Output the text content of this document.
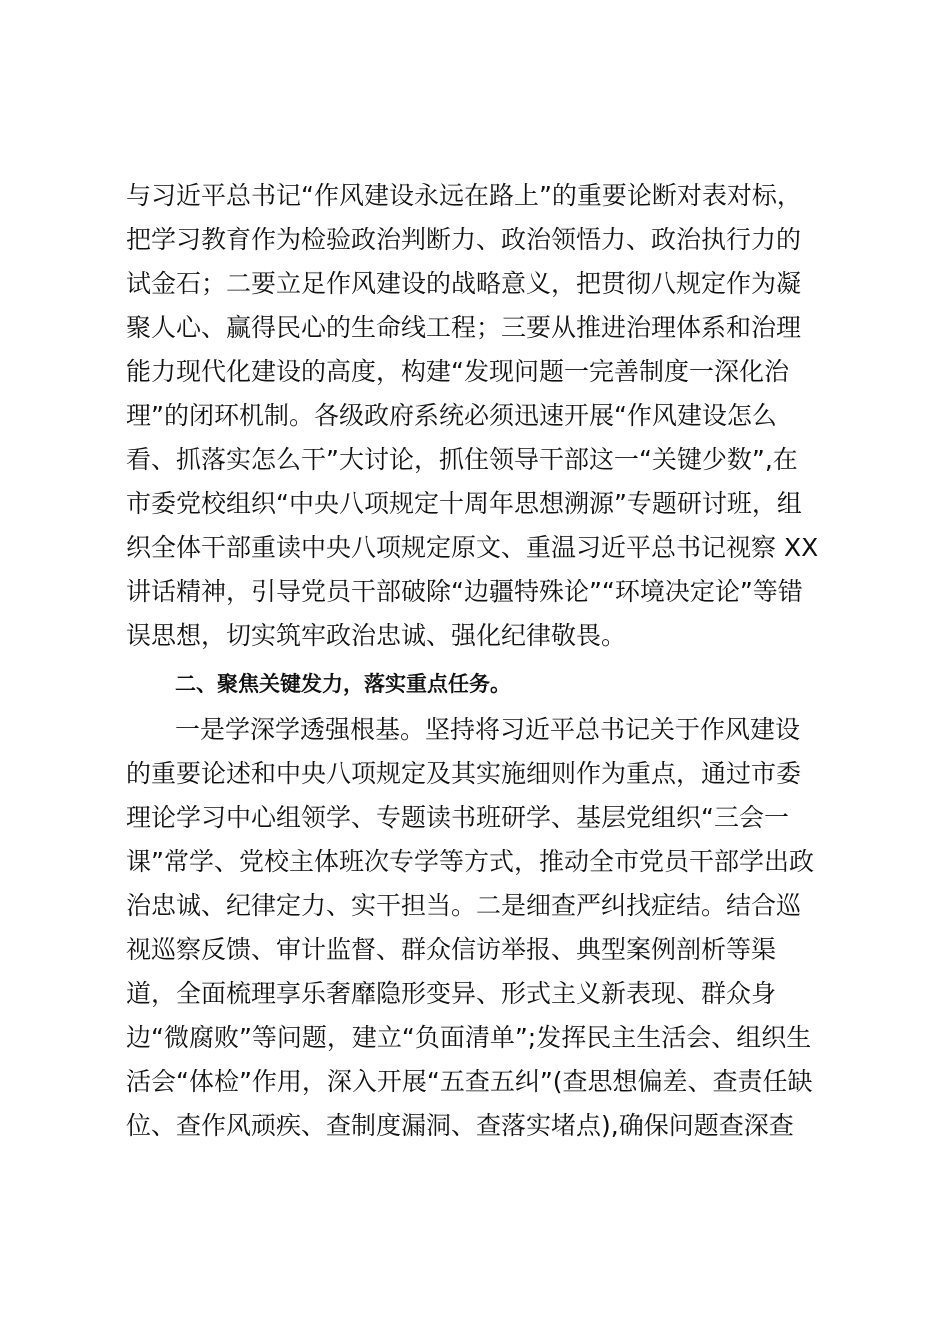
与习近平总书记“作风建设永远在路上”的重要论断对表对标，
把学习教育作为检验政治判断力、政治领悟力、政治执行力的
试金石；二要立足作风建设的战略意义，把贯彻八规定作为凝
聚人心、赢得民心的生命线工程；三要从推进治理体系和治理
能力现代化建设的高度，构建“发现问题一完善制度一深化治
理”的闭环机制。各级政府系统必须迅速开展“作风建设怎么
看、抓落实怎么干”大讨论，抓住领导干部这一“关键少数”,在
市委党校组织“中央八项规定十周年思想溯源”专题研讨班，组
织全体干部重读中央八项规定原文、重温习近平总书记视察 XX
讲话精神，引导党员干部破除“边疆特殊论”“环境决定论”等错
误思想，切实筑牢政治忠诚、强化纪律敬畏。
二、聚焦关键发力，落实重点任务。
一是学深学透强根基。坚持将习近平总书记关于作风建设
的重要论述和中央八项规定及其实施细则作为重点，通过市委
理论学习中心组领学、专题读书班研学、基层党组织“三会一
课”常学、党校主体班次专学等方式，推动全市党员干部学出政
治忠诚、纪律定力、实干担当。二是细查严纠找症结。结合巡
视巡察反馈、审计监督、群众信访举报、典型案例剖析等渠
道，全面梳理享乐奢靡隐形变异、形式主义新表现、群众身
边“微腐败”等问题，建立“负面清单”;发挥民主生活会、组织生
活会“体检”作用，深入开展“五查五纠”(查思想偏差、查责任缺
位、查作风顽疾、查制度漏洞、查落实堵点),确保问题查深查
